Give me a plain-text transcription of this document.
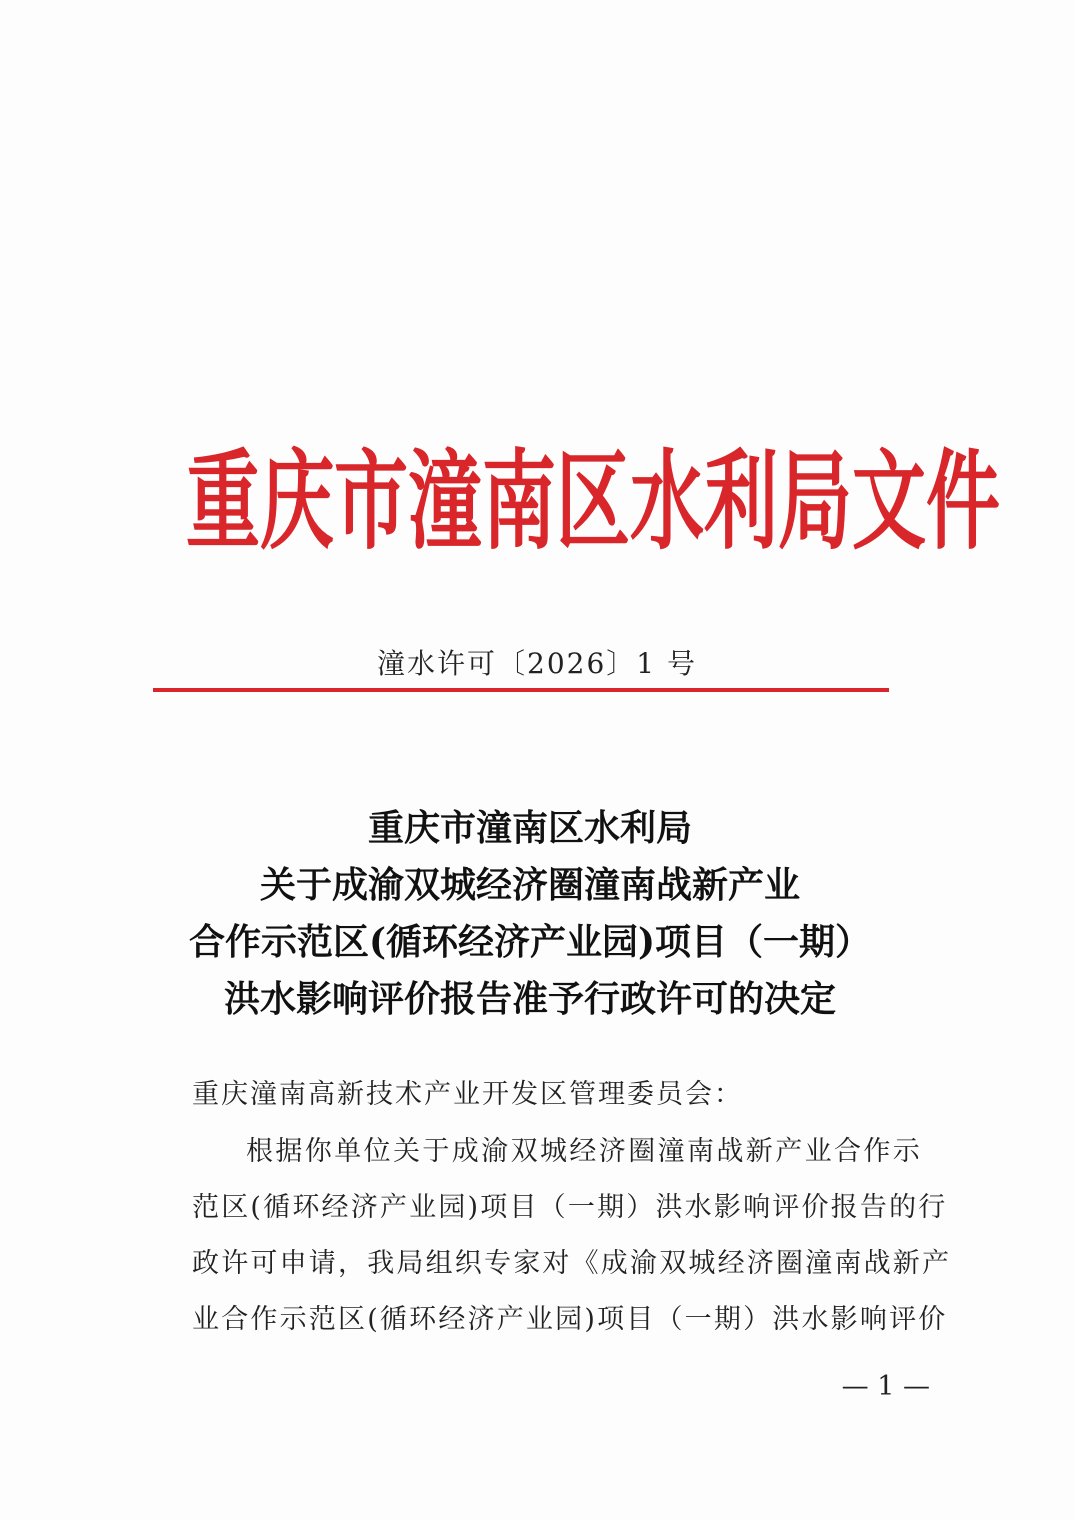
重庆市潼南区水利局文件
潼水许可〔2026〕1 号
重庆市潼南区水利局
关于成渝双城经济圈潼南战新产业
合作示范区(循环经济产业园)项目（一期）
洪水影响评价报告准予行政许可的决定
重庆潼南高新技术产业开发区管理委员会：
根据你单位关于成渝双城经济圈潼南战新产业合作示
范区(循环经济产业园)项目（一期）洪水影响评价报告的行
政许可申请，我局组织专家对《成渝双城经济圈潼南战新产
业合作示范区(循环经济产业园)项目（一期）洪水影响评价
— 1 —
